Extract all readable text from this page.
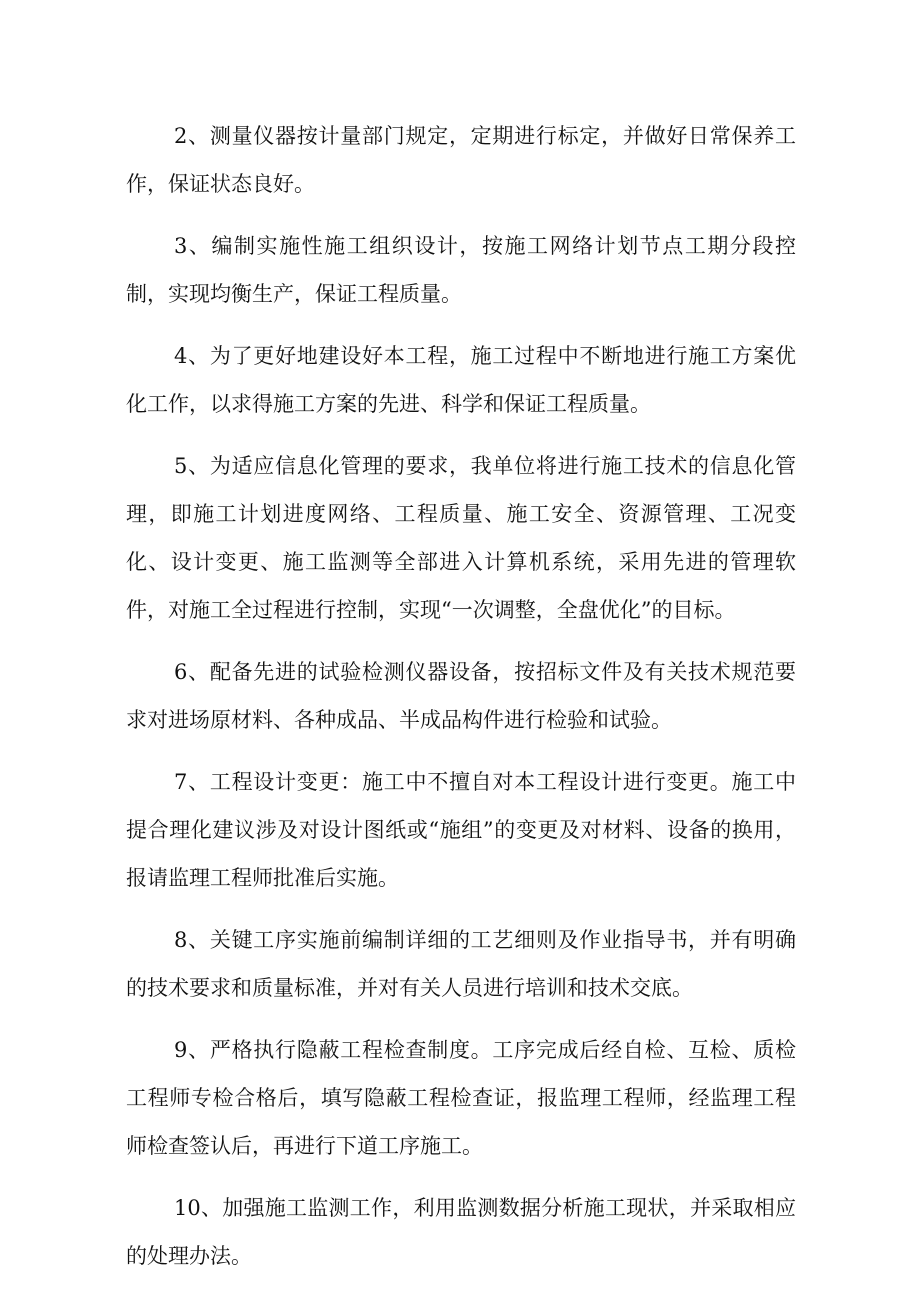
2、测量仪器按计量部门规定，定期进行标定，并做好日常保养工作，保证状态良好。

3、编制实施性施工组织设计，按施工网络计划节点工期分段控制，实现均衡生产，保证工程质量。

4、为了更好地建设好本工程，施工过程中不断地进行施工方案优化工作，以求得施工方案的先进、科学和保证工程质量。

5、为适应信息化管理的要求，我单位将进行施工技术的信息化管理，即施工计划进度网络、工程质量、施工安全、资源管理、工况变化、设计变更、施工监测等全部进入计算机系统，采用先进的管理软件，对施工全过程进行控制，实现“一次调整，全盘优化”的目标。

6、配备先进的试验检测仪器设备，按招标文件及有关技术规范要求对进场原材料、各种成品、半成品构件进行检验和试验。

7、工程设计变更：施工中不擅自对本工程设计进行变更。施工中提合理化建议涉及对设计图纸或“施组”的变更及对材料、设备的换用，报请监理工程师批准后实施。

8、关键工序实施前编制详细的工艺细则及作业指导书，并有明确的技术要求和质量标准，并对有关人员进行培训和技术交底。

9、严格执行隐蔽工程检查制度。工序完成后经自检、互检、质检工程师专检合格后，填写隐蔽工程检查证，报监理工程师，经监理工程师检查签认后，再进行下道工序施工。

10、加强施工监测工作，利用监测数据分析施工现状，并采取相应的处理办法。
